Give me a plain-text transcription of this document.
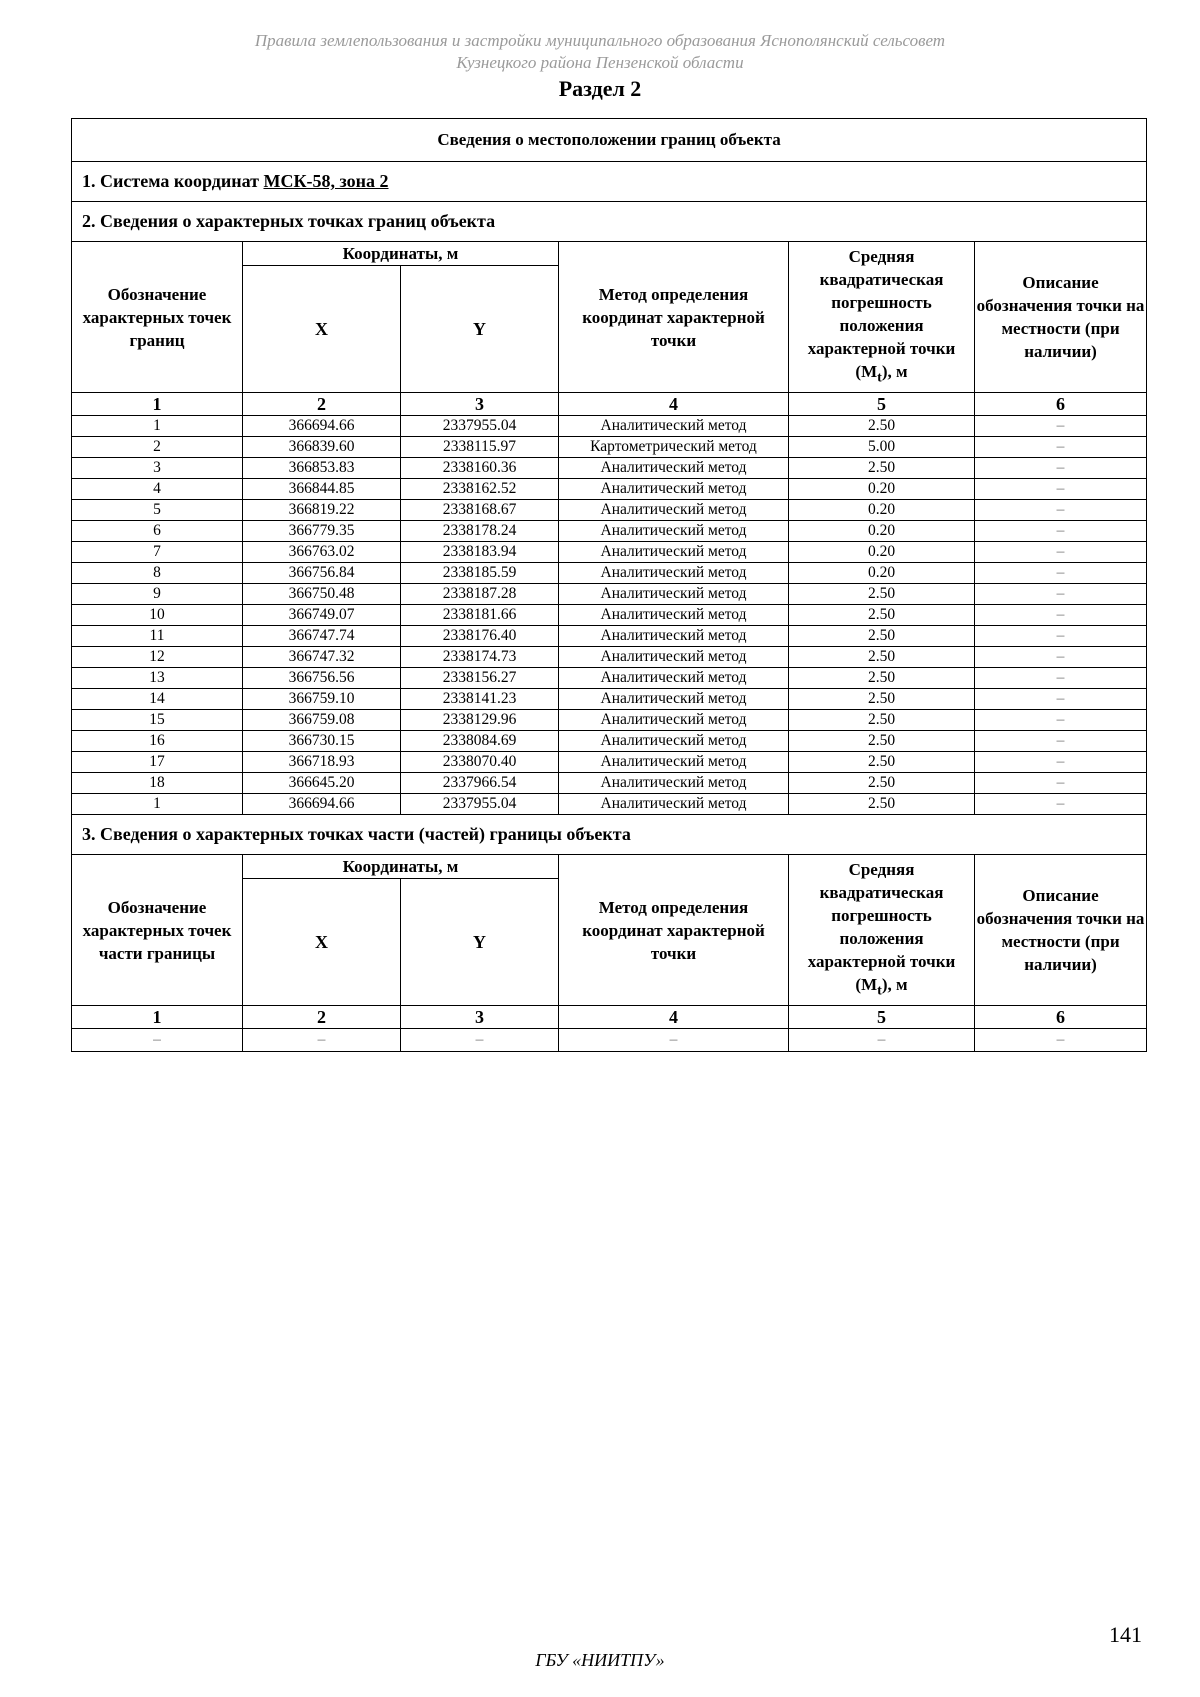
Правила землепользования и застройки муниципального образования Яснополянский сельсовет
Кузнецкого района Пензенской области
Раздел 2
Сведения о местоположении границ объекта					
1. Система координат МСК-58, зона 2					
2. Сведения о характерных точках границ объекта					
Обозначение характерных точек границ	Координаты, м		Метод определения координат характерной точки	Средняя квадратическая погрешность положения характерной точки $(M_t)$, м	Описание обозначения точки на местности (при наличии)
	X	Y			
1	2	3	4	5	6
1	366694.66	2337955.04	Аналитический метод	2.50	–
2	366839.60	2338115.97	Картометрический метод	5.00	–
3	366853.83	2338160.36	Аналитический метод	2.50	–
4	366844.85	2338162.52	Аналитический метод	0.20	–
5	366819.22	2338168.67	Аналитический метод	0.20	–
6	366779.35	2338178.24	Аналитический метод	0.20	–
7	366763.02	2338183.94	Аналитический метод	0.20	–
8	366756.84	2338185.59	Аналитический метод	0.20	–
9	366750.48	2338187.28	Аналитический метод	2.50	–
10	366749.07	2338181.66	Аналитический метод	2.50	–
11	366747.74	2338176.40	Аналитический метод	2.50	–
12	366747.32	2338174.73	Аналитический метод	2.50	–
13	366756.56	2338156.27	Аналитический метод	2.50	–
14	366759.10	2338141.23	Аналитический метод	2.50	–
15	366759.08	2338129.96	Аналитический метод	2.50	–
16	366730.15	2338084.69	Аналитический метод	2.50	–
17	366718.93	2338070.40	Аналитический метод	2.50	–
18	366645.20	2337966.54	Аналитический метод	2.50	–
1	366694.66	2337955.04	Аналитический метод	2.50	–
3. Сведения о характерных точках части (частей) границы объекта					
Обозначение характерных точек части границы	Координаты, м		Метод определения координат характерной точки	Средняя квадратическая погрешность положения характерной точки $(M_t)$, м	Описание обозначения точки на местности (при наличии)
	X	Y			
1	2	3	4	5	6
–	–	–	–	–	–
141
ГБУ «НИИТПУ»
